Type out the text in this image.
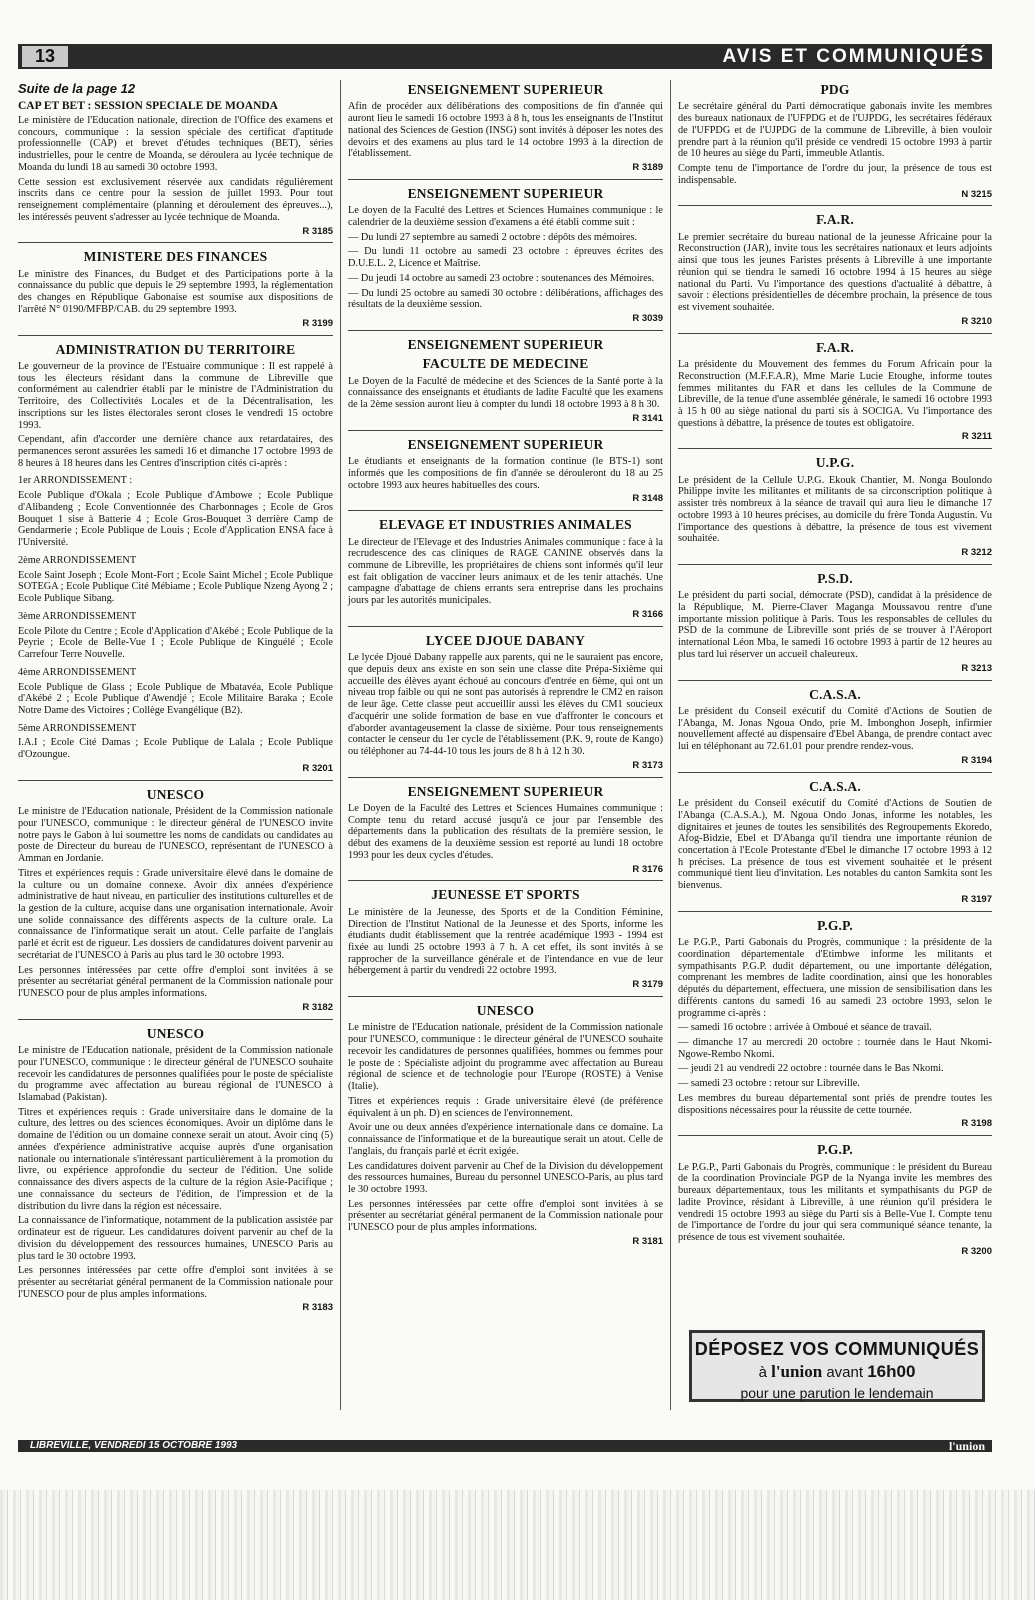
13	AVIS ET COMMUNIQUÉS
Suite de la page 12
CAP ET BET : SESSION SPECIALE DE MOANDA

Le ministère de l'Education nationale, direction de l'Office des examens et concours, communique : la session spéciale des certificat d'aptitude professionnelle (CAP) et brevet d'études techniques (BET), séries industrielles, pour le centre de Moanda, se déroulera au lycée technique de Moanda du lundi 18 au samedi 30 octobre 1993.

Cette session est exclusivement réservée aux candidats régulièrement inscrits dans ce centre pour la session de juillet 1993. Pour tout renseignement complémentaire (planning et déroulement des épreuves...), les intéressés peuvent s'adresser au lycée technique de Moanda.

R 3185
MINISTERE DES FINANCES

Le ministre des Finances, du Budget et des Participations porte à la connaissance du public que depuis le 29 septembre 1993, la réglementation des changes en République Gabonaise est soumise aux dispositions de l'arrêté N° 0190/MFBP/CAB. du 29 septembre 1993.

R 3199
ADMINISTRATION DU TERRITOIRE

Le gouverneur de la province de l'Estuaire communique : Il est rappelé à tous les électeurs résidant dans la commune de Libreville que conformément au calendrier établi par le ministre de l'Administration du Territoire, des Collectivités Locales et de la Décentralisation, les inscriptions sur les listes électorales seront closes le vendredi 15 octobre 1993.

Cependant, afin d'accorder une dernière chance aux retardataires, des permanences seront assurées les samedi 16 et dimanche 17 octobre 1993 de 8 heures à 18 heures dans les Centres d'inscription cités ci-après :

1er ARRONDISSEMENT :

Ecole Publique d'Okala ; Ecole Publique d'Ambowe ; Ecole Publique d'Alibandeng ; Ecole Conventionnée des Charbonnages ; Ecole de Gros Bouquet 1 sise à Batterie 4 ; Ecole Gros-Bouquet 3 derrière Camp de Gendarmerie ; Ecole Publique de Louis ; Ecole d'Application ENSA face à l'Université.

2ème ARRONDISSEMENT

Ecole Saint Joseph ; Ecole Mont-Fort ; Ecole Saint Michel ; Ecole Publique SOTEGA ; Ecole Publique Cité Mébiame ; Ecole Publique Nzeng Ayong 2 ; Ecole Publique Sibang.

3ème ARRONDISSEMENT

Ecole Pilote du Centre ; Ecole d'Application d'Akébé ; Ecole Publique de la Peyrie ; Ecole de Belle-Vue I ; Ecole Publique de Kinguélé ; Ecole Carrefour Terre Nouvelle.

4ème ARRONDISSEMENT

Ecole Publique de Glass ; Ecole Publique de Mbatavéa, Ecole Publique d'Akébé 2 ; Ecole Publique d'Awendjé ; Ecole Militaire Baraka ; Ecole Notre Dame des Victoires ; Collège Evangélique (B2).

5ème ARRONDISSEMENT

I.A.I ; Ecole Cité Damas ; Ecole Publique de Lalala ; Ecole Publique d'Ozoungue.

R 3201
UNESCO

Le ministre de l'Education nationale, Président de la Commission nationale pour l'UNESCO, communique : le directeur général de l'UNESCO invite notre pays le Gabon à lui soumettre les noms de candidats ou candidates au poste de Directeur du bureau de l'UNESCO, représentant de l'UNESCO à Amman en Jordanie.

Titres et expériences requis : Grade universitaire élevé dans le domaine de la culture ou un domaine connexe. Avoir dix années d'expérience administrative de haut niveau, en particulier des institutions culturelles et de la gestion de la culture, acquise dans une organisation internationale. Avoir une solide connaissance des différents aspects de la culture orale. La connaissance de l'informatique serait un atout. Celle parfaite de l'anglais parlé et écrit est de rigueur. Les dossiers de candidatures doivent parvenir au secrétariat de l'UNESCO à Paris au plus tard le 30 octobre 1993.

Les personnes intéressées par cette offre d'emploi sont invitées à se présenter au secrétariat général permanent de la Commission nationale pour l'UNESCO pour de plus amples informations.

R 3182
UNESCO

Le ministre de l'Education nationale, président de la Commission nationale pour l'UNESCO, communique : le directeur général de l'UNESCO souhaite recevoir les candidatures de personnes qualifiées pour le poste de spécialiste du programme avec affectation au bureau régional de l'UNESCO à Islamabad (Pakistan).

Titres et expériences requis : Grade universitaire dans le domaine de la culture, des lettres ou des sciences économiques. Avoir un diplôme dans le domaine de l'édition ou un domaine connexe serait un atout. Avoir cinq (5) années d'expérience administrative acquise auprès d'une organisation nationale ou internationale s'intéressant particulièrement à la promotion du livre, ou expérience approfondie du secteur de l'édition. Une solide connaissance des divers aspects de la culture de la région Asie-Pacifique ; une connaissance du secteurs de l'édition, de l'impression et de la distribution du livre dans la région est nécessaire.

La connaissance de l'informatique, notamment de la publication assistée par ordinateur est de rigueur. Les candidatures doivent parvenir au chef de la division du développement des ressources humaines, UNESCO Paris au plus tard le 30 octobre 1993.

Les personnes intéressées par cette offre d'emploi sont invitées à se présenter au secrétariat général permanent de la Commission nationale pour l'UNESCO pour de plus amples informations.

R 3183
ENSEIGNEMENT SUPERIEUR

Afin de procéder aux délibérations des compositions de fin d'année qui auront lieu le samedi 16 octobre 1993 à 8 h, tous les enseignants de l'Institut national des Sciences de Gestion (INSG) sont invités à déposer les notes des devoirs et des examens au plus tard le 14 octobre 1993 à la direction de l'établissement.

R 3189
ENSEIGNEMENT SUPERIEUR

Le doyen de la Faculté des Lettres et Sciences Humaines communique : le calendrier de la deuxième session d'examens a été établi comme suit :

— Du lundi 27 septembre au samedi 2 octobre : dépôts des mémoires.
— Du lundi 11 octobre au samedi 23 octobre : épreuves écrites des D.U.E.L. 2, Licence et Maîtrise.
— Du jeudi 14 octobre au samedi 23 octobre : soutenances des Mémoires.
— Du lundi 25 octobre au samedi 30 octobre : délibérations, affichages des résultats de la deuxième session.
R 3039
ENSEIGNEMENT SUPERIEUR
FACULTE DE MEDECINE

Le Doyen de la Faculté de médecine et des Sciences de la Santé porte à la connaissance des enseignants et étudiants de ladite Faculté que les examens de la 2ème session auront lieu à compter du lundi 18 octobre 1993 à 8 h 30.

R 3141
ENSEIGNEMENT SUPERIEUR

Le étudiants et enseignants de la formation continue (le BTS-1) sont informés que les compositions de fin d'année se dérouleront du 18 au 25 octobre 1993 aux heures habituelles des cours.

R 3148
ELEVAGE ET INDUSTRIES ANIMALES

Le directeur de l'Elevage et des Industries Animales communique : face à la recrudescence des cas cliniques de RAGE CANINE observés dans la commune de Libreville, les propriétaires de chiens sont informés qu'il leur est fait obligation de vacciner leurs animaux et de les tenir attachés. Une campagne d'abattage de chiens errants sera entreprise dans les prochains jours par les autorités municipales.

R 3166
LYCEE DJOUE DABANY

Le lycée Djoué Dabany rappelle aux parents, qui ne le sauraient pas encore, que depuis deux ans existe en son sein une classe dite Prépa-Sixième qui accueille des élèves ayant échoué au concours d'entrée en 6ème, qui ont un niveau trop faible ou qui ne sont pas autorisés à reprendre le CM2 en raison de leur âge. Cette classe peut accueillir aussi les élèves du CM1 soucieux d'acquérir une solide formation de base en vue d'affronter le concours et d'aborder avantageusement la classe de sixième. Pour tous renseignements contacter le censeur du 1er cycle de l'établissement (P.K. 9, route de Kango) ou téléphoner au 74-44-10 tous les jours de 8 h à 12 h 30.

R 3173
ENSEIGNEMENT SUPERIEUR

Le Doyen de la Faculté des Lettres et Sciences Humaines communique : Compte tenu du retard accusé jusqu'à ce jour par l'ensemble des départements dans la publication des résultats de la première session, le début des examens de la deuxième session est reporté au lundi 18 octobre 1993 pour les deux cycles d'études.

R 3176
JEUNESSE ET SPORTS

Le ministère de la Jeunesse, des Sports et de la Condition Féminine, Direction de l'Institut National de la Jeunesse et des Sports, informe les étudiants dudit établissement que la rentrée académique 1993 - 1994 est fixée au lundi 25 octobre 1993 à 7 h. A cet effet, ils sont invités à se rapprocher de la surveillance générale et de l'intendance en vue de leur hébergement à partir du vendredi 22 octobre 1993.

R 3179
UNESCO

Le ministre de l'Education nationale, président de la Commission nationale pour l'UNESCO, communique : le directeur général de l'UNESCO souhaite recevoir les candidatures de personnes qualifiées, hommes ou femmes pour le poste de : Spécialiste adjoint du programme avec affectation au Bureau régional de science et de technologie pour l'Europe (ROSTE) à Venise (Italie).

Titres et expériences requis : Grade universitaire élevé (de préférence équivalent à un ph. D) en sciences de l'environnement.

Avoir une ou deux années d'expérience internationale dans ce domaine. La connaissance de l'informatique et de la bureautique serait un atout. Celle de l'anglais, du français parlé et écrit exigée.

Les candidatures doivent parvenir au Chef de la Division du développement des ressources humaines, Bureau du personnel UNESCO-Paris, au plus tard le 30 octobre 1993.

Les personnes intéressées par cette offre d'emploi sont invitées à se présenter au secrétariat général permanent de la Commission nationale pour l'UNESCO pour de plus amples informations.

R 3181
PDG

Le secrétaire général du Parti démocratique gabonais invite les membres des bureaux nationaux de l'UFPDG et de l'UJPDG, les secrétaires fédéraux de l'UFPDG et de l'UJPDG de la commune de Libreville, à bien vouloir prendre part à la réunion qu'il préside ce vendredi 15 octobre 1993 à partir de 10 heures au siège du Parti, immeuble Atlantis.

Compte tenu de l'importance de l'ordre du jour, la présence de tous est indispensable.

N 3215
F.A.R.

Le premier secrétaire du bureau national de la jeunesse Africaine pour la Reconstruction (JAR), invite tous les secrétaires nationaux et leurs adjoints ainsi que tous les jeunes Faristes présents à Libreville à une importante réunion qui se tiendra le samedi 16 octobre 1994 à 15 heures au siège national du Parti. Vu l'importance des questions d'actualité à débattre, à savoir : élections présidentielles de décembre prochain, la présence de tous est vivement souhaitée.

R 3210
F.A.R.

La présidente du Mouvement des femmes du Forum Africain pour la Reconstruction (M.F.F.A.R), Mme Marie Lucie Etoughe, informe toutes femmes militantes du FAR et dans les cellules de la Commune de Libreville, de la tenue d'une assemblée générale, le samedi 16 octobre 1993 à 15 h 00 au siège national du parti sis à SOCIGA. Vu l'importance des questions à débattre, la présence de toutes est obligatoire.

R 3211
U.P.G.

Le président de la Cellule U.P.G. Ekouk Chantier, M. Nonga Boulondo Philippe invite les militantes et militants de sa circonscription politique à assister très nombreux à la séance de travail qui aura lieu le dimanche 17 octobre 1993 à 10 heures précises, au domicile du frère Tonda Augustin. Vu l'importance des questions à débattre, la présence de tous est vivement souhaitée.

R 3212
P.S.D.

Le président du parti social, démocrate (PSD), candidat à la présidence de la République, M. Pierre-Claver Maganga Moussavou rentre d'une importante mission politique à Paris. Tous les responsables de cellules du PSD de la commune de Libreville sont priés de se trouver à l'Aéroport international Léon Mba, le samedi 16 octobre 1993 à partir de 12 heures au plus tard lui réserver un accueil chaleureux.

R 3213
C.A.S.A.

Le président du Conseil exécutif du Comité d'Actions de Soutien de l'Abanga, M. Jonas Ngoua Ondo, prie M. Imbonghon Joseph, infirmier nouvellement affecté au dispensaire d'Ebel Abanga, de prendre contact avec lui en téléphonant au 72.61.01 pour prendre rendez-vous.

R 3194
C.A.S.A.

Le président du Conseil exécutif du Comité d'Actions de Soutien de l'Abanga (C.A.S.A.), M. Ngoua Ondo Jonas, informe les notables, les dignitaires et jeunes de toutes les sensibilités des Regroupements Ekoredo, Afog-Bidzie, Ebel et D'Abanga qu'il tiendra une importante réunion de concertation à l'Ecole Protestante d'Ebel le dimanche 17 octobre 1993 à 12 h précises. La présence de tous est vivement souhaitée et le présent communiqué tient lieu d'invitation. Les notables du canton Samkita sont les bienvenus.

R 3197
P.G.P.

Le P.G.P., Parti Gabonais du Progrès, communique : la présidente de la coordination départementale d'Etimbwe informe les militants et sympathisants P.G.P. dudit département, ou une importante délégation, comprenant les membres de ladite coordination, ainsi que les honorables députés du département, effectuera, une mission de sensibilisation dans les différents cantons du samedi 16 au samedi 23 octobre 1993, selon le programme ci-après :

— samedi 16 octobre : arrivée à Omboué et séance de travail.
— dimanche 17 au mercredi 20 octobre : tournée dans le Haut Nkomi-Ngowe-Rembo Nkomi.
— jeudi 21 au vendredi 22 octobre : tournée dans le Bas Nkomi.
— samedi 23 octobre : retour sur Libreville.

Les membres du bureau départemental sont priés de prendre toutes les dispositions nécessaires pour la réussite de cette tournée.

R 3198
P.G.P.

Le P.G.P., Parti Gabonais du Progrès, communique : le président du Bureau de la coordination Provinciale PGP de la Nyanga invite les membres des bureaux départementaux, tous les militants et sympathisants du PGP de ladite Province, résidant à Libreville, à une réunion qu'il présidera le vendredi 15 octobre 1993 au siège du Parti sis à Belle-Vue I. Compte tenu de l'importance de l'ordre du jour qui sera communiqué séance tenante, la présence de tous est vivement souhaitée.

R 3200
DÉPOSEZ VOS COMMUNIQUÉS
à l'union avant 16h00
pour une parution le lendemain
LIBREVILLE, VENDREDI 15 OCTOBRE 1993	l'union
